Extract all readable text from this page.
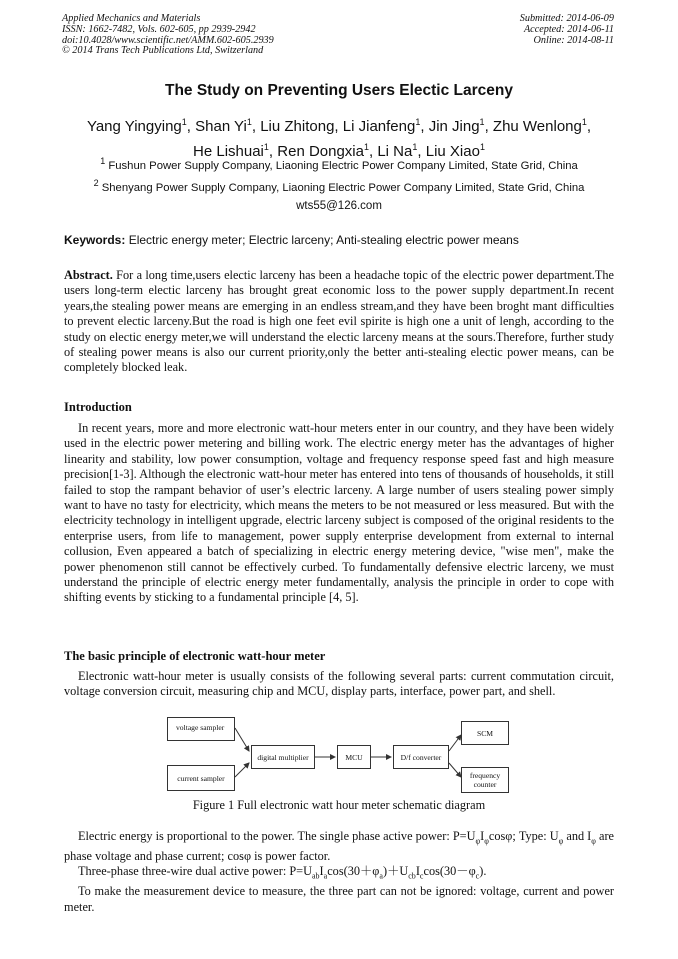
Applied Mechanics and Materials
ISSN: 1662-7482, Vols. 602-605, pp 2939-2942
doi:10.4028/www.scientific.net/AMM.602-605.2939
© 2014 Trans Tech Publications Ltd, Switzerland
Submitted: 2014-06-09
Accepted: 2014-06-11
Online: 2014-08-11
The Study on Preventing Users Electic Larceny
Yang Yingying$^1$, Shan Yi$^1$, Liu Zhitong, Li Jianfeng$^1$, Jin Jing$^1$, Zhu Wenlong$^1$,
He Lishuai$^1$, Ren Dongxia$^1$, Li Na$^1$, Liu Xiao$^1$
$^1$ Fushun Power Supply Company, Liaoning Electric Power Company Limited, State Grid, China
$^2$ Shenyang Power Supply Company, Liaoning Electric Power Company Limited, State Grid, China
wts55@126.com
Keywords: Electric energy meter; Electric larceny; Anti-stealing electric power means
Abstract. For a long time,users electic larceny has been a headache topic of the electric power department.The users long-term electic larceny has brought great economic loss to the power supply department.In recent years,the stealing power means are emerging in an endless stream,and they have been broght mant difficulties to prevent electic larceny.But the road is high one feet evil spirite is high one a unit of lengh, according to the study on electic energy meter,we will understand the electic larceny means at the sours.Therefore, further study of stealing power means is also our current priority,only the better anti-stealing electic power means, can be completely blocked leak.
Introduction
In recent years, more and more electronic watt-hour meters enter in our country, and they have been widely used in the electric power metering and billing work. The electric energy meter has the advantages of higher linearity and stability, low power consumption, voltage and frequency response speed fast and high measure precision[1-3]. Although the electronic watt-hour meter has entered into tens of thousands of households, it still failed to stop the rampant behavior of user’s electric larceny. A large number of users stealing power simply want to have no tasty for electricity, which means the meters to be not measured or less measured. But with the electricity technology in intelligent upgrade, electric larceny subject is composed of the original residents to the enterprise users, from life to management, power supply enterprise development from external to internal collusion, Even appeared a batch of specializing in electric energy metering device, "wise men", make the power phenomenon still cannot be effectively curbed. To fundamentally defensive electric larceny, we must understand the principle of electric energy meter fundamentally, analysis the principle in order to cope with shifting events by sticking to a fundamental principle [4, 5].
The basic principle of electronic watt-hour meter
Electronic watt-hour meter is usually consists of the following several parts: current commutation circuit, voltage conversion circuit, measuring chip and MCU, display parts, interface, power part, and shell.
voltage sampler
current sampler
digital multiplier	MCU	D/f converter
SCM
frequency counter
Figure 1 Full electronic watt hour meter schematic diagram
Electric energy is proportional to the power. The single phase active power: $P=U_\varphi I_\varphi\cos\varphi$; Type: $U_\varphi$ and $I_\varphi$ are phase voltage and phase current; cosφ is power factor.
Three-phase three-wire dual active power: $P=U_{ab}I_a\cos(30+\varphi_a)+U_{cb}I_c\cos(30-\varphi_c)$.
To make the measurement device to measure, the three part can not be ignored: voltage, current and power meter.
